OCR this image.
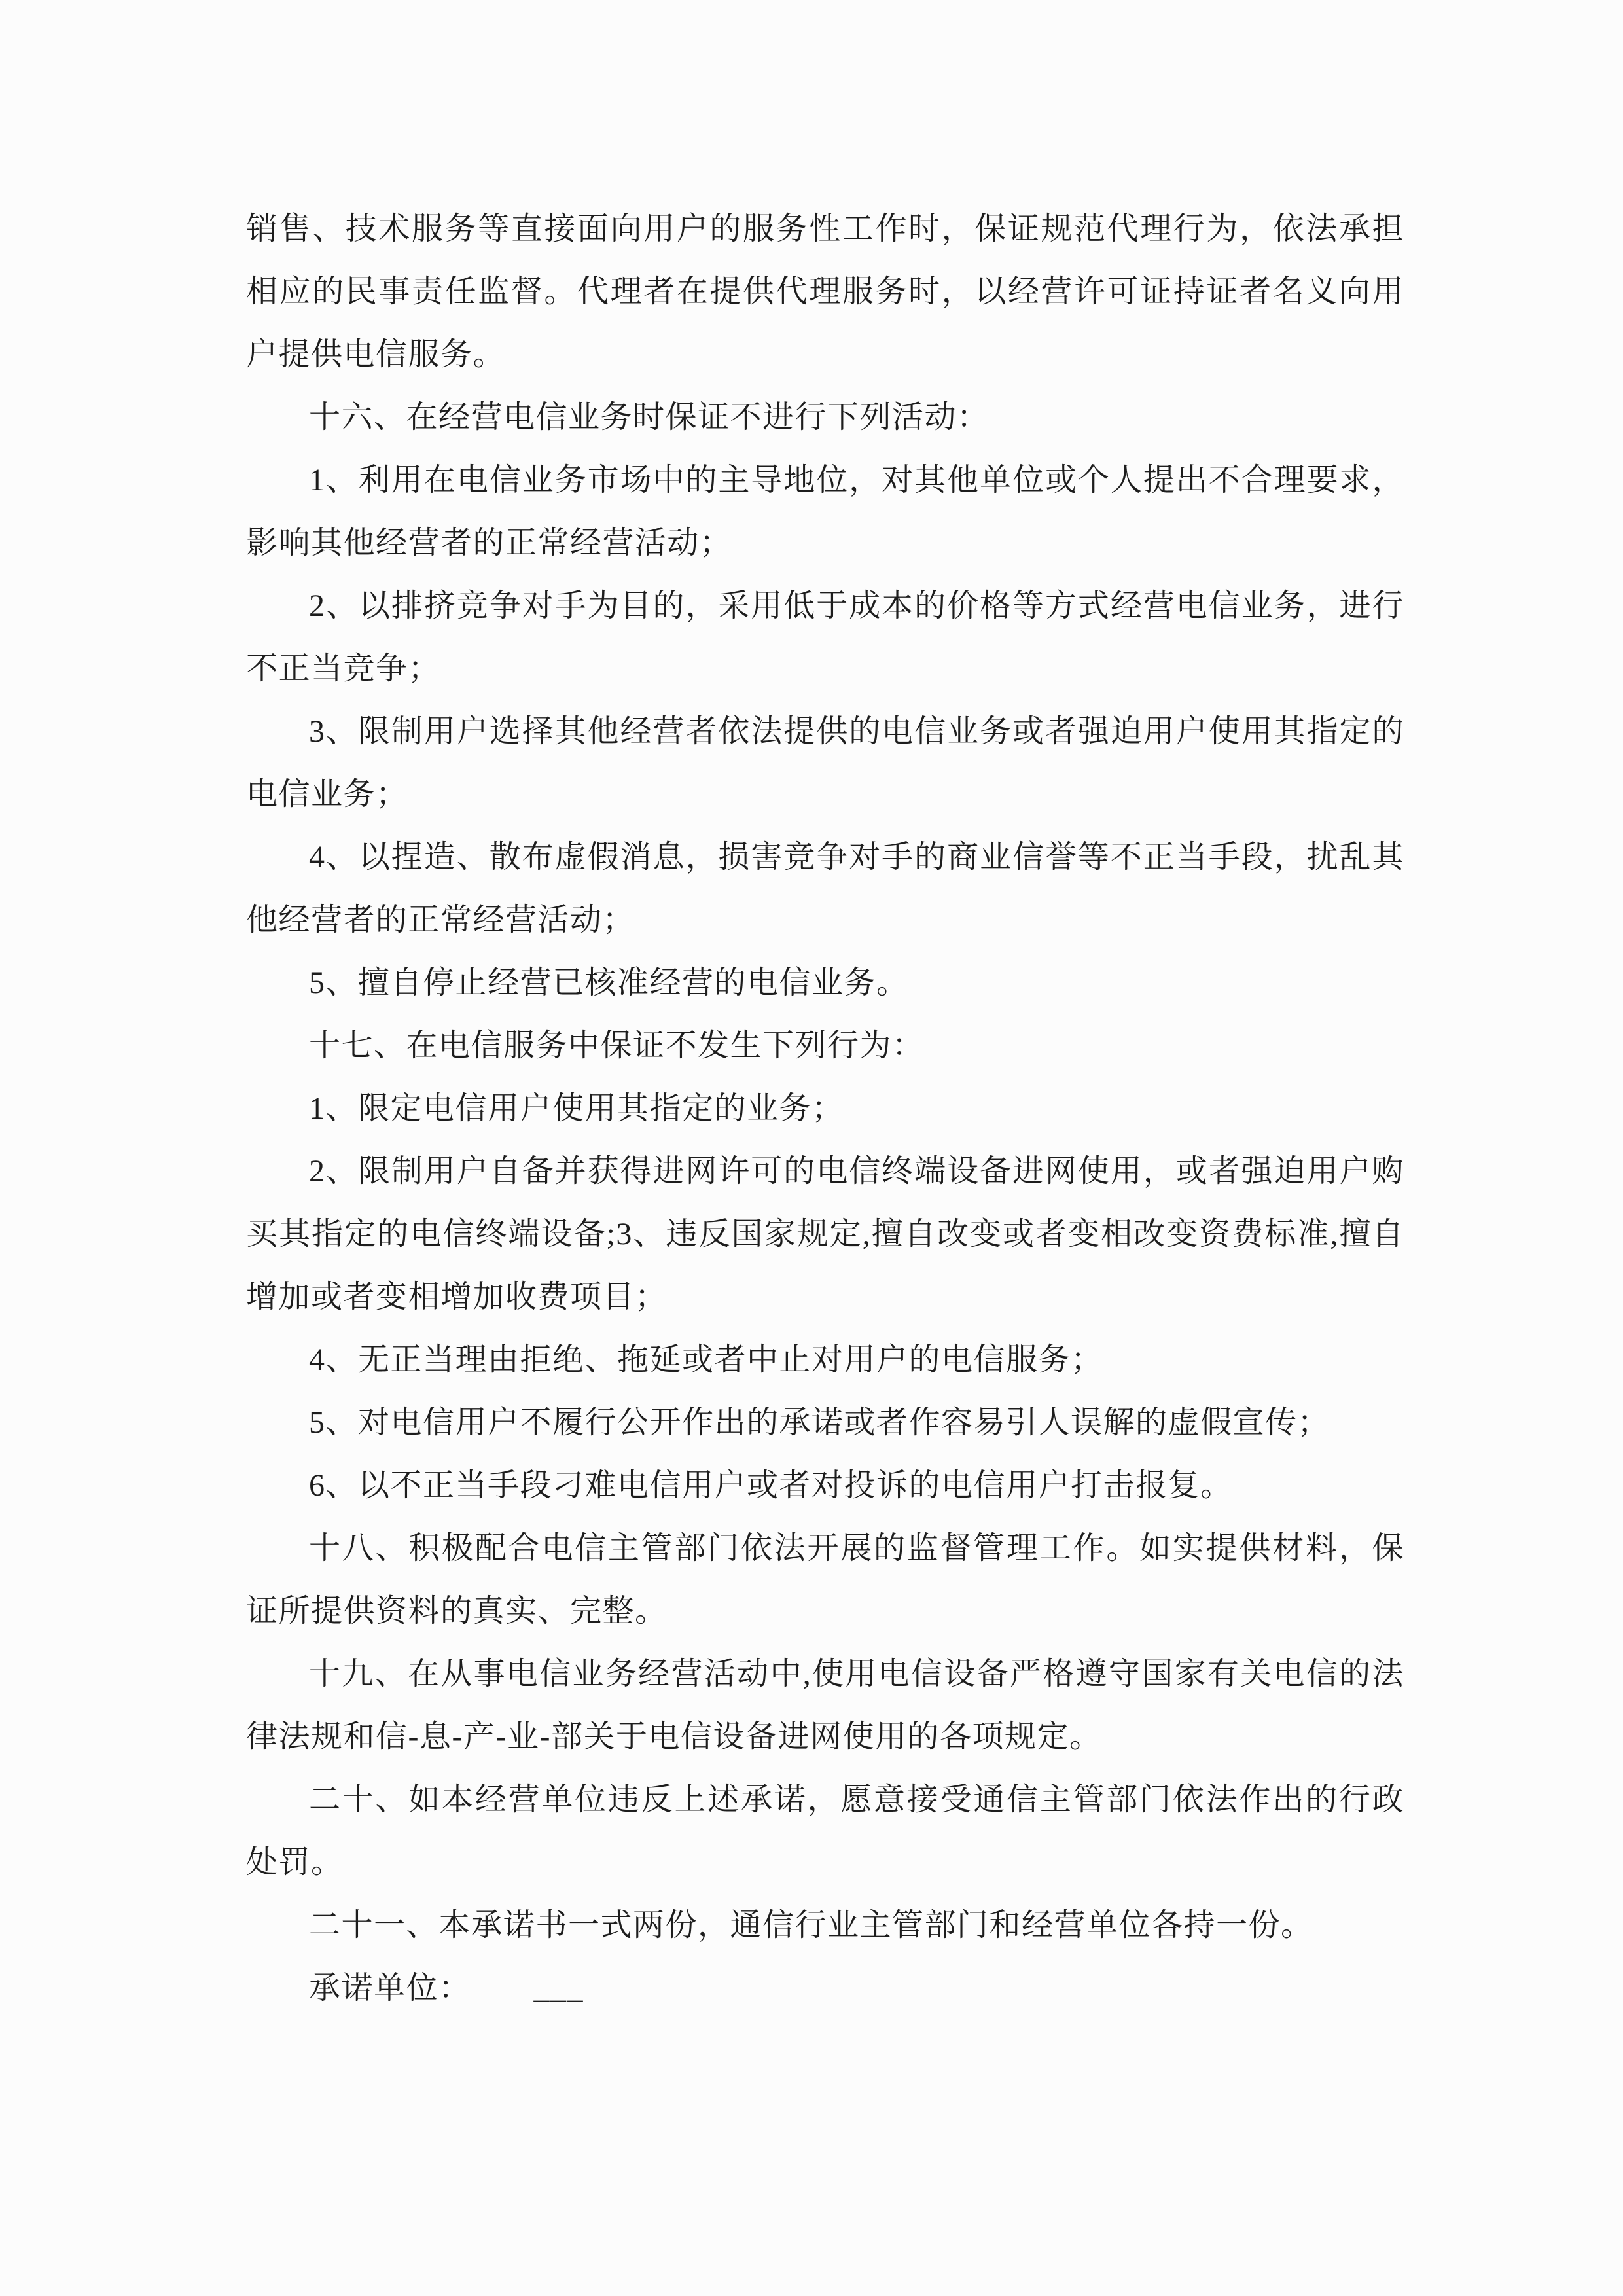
销售、技术服务等直接面向用户的服务性工作时，保证规范代理行为，依法承担相应的民事责任监督。代理者在提供代理服务时，以经营许可证持证者名义向用户提供电信服务。

十六、在经营电信业务时保证不进行下列活动：

1、利用在电信业务市场中的主导地位，对其他单位或个人提出不合理要求，影响其他经营者的正常经营活动；

2、以排挤竞争对手为目的，采用低于成本的价格等方式经营电信业务，进行不正当竞争；

3、限制用户选择其他经营者依法提供的电信业务或者强迫用户使用其指定的电信业务；

4、以捏造、散布虚假消息，损害竞争对手的商业信誉等不正当手段，扰乱其他经营者的正常经营活动；

5、擅自停止经营已核准经营的电信业务。

十七、在电信服务中保证不发生下列行为：

1、限定电信用户使用其指定的业务；

2、限制用户自备并获得进网许可的电信终端设备进网使用，或者强迫用户购买其指定的电信终端设备;3、违反国家规定,擅自改变或者变相改变资费标准,擅自增加或者变相增加收费项目；

4、无正当理由拒绝、拖延或者中止对用户的电信服务；

5、对电信用户不履行公开作出的承诺或者作容易引人误解的虚假宣传；

6、以不正当手段刁难电信用户或者对投诉的电信用户打击报复。

十八、积极配合电信主管部门依法开展的监督管理工作。如实提供材料，保证所提供资料的真实、完整。

十九、在从事电信业务经营活动中,使用电信设备严格遵守国家有关电信的法律法规和信-息-产-业-部关于电信设备进网使用的各项规定。

二十、如本经营单位违反上述承诺，愿意接受通信主管部门依法作出的行政处罚。

二十一、本承诺书一式两份，通信行业主管部门和经营单位各持一份。

承诺单位： ___
